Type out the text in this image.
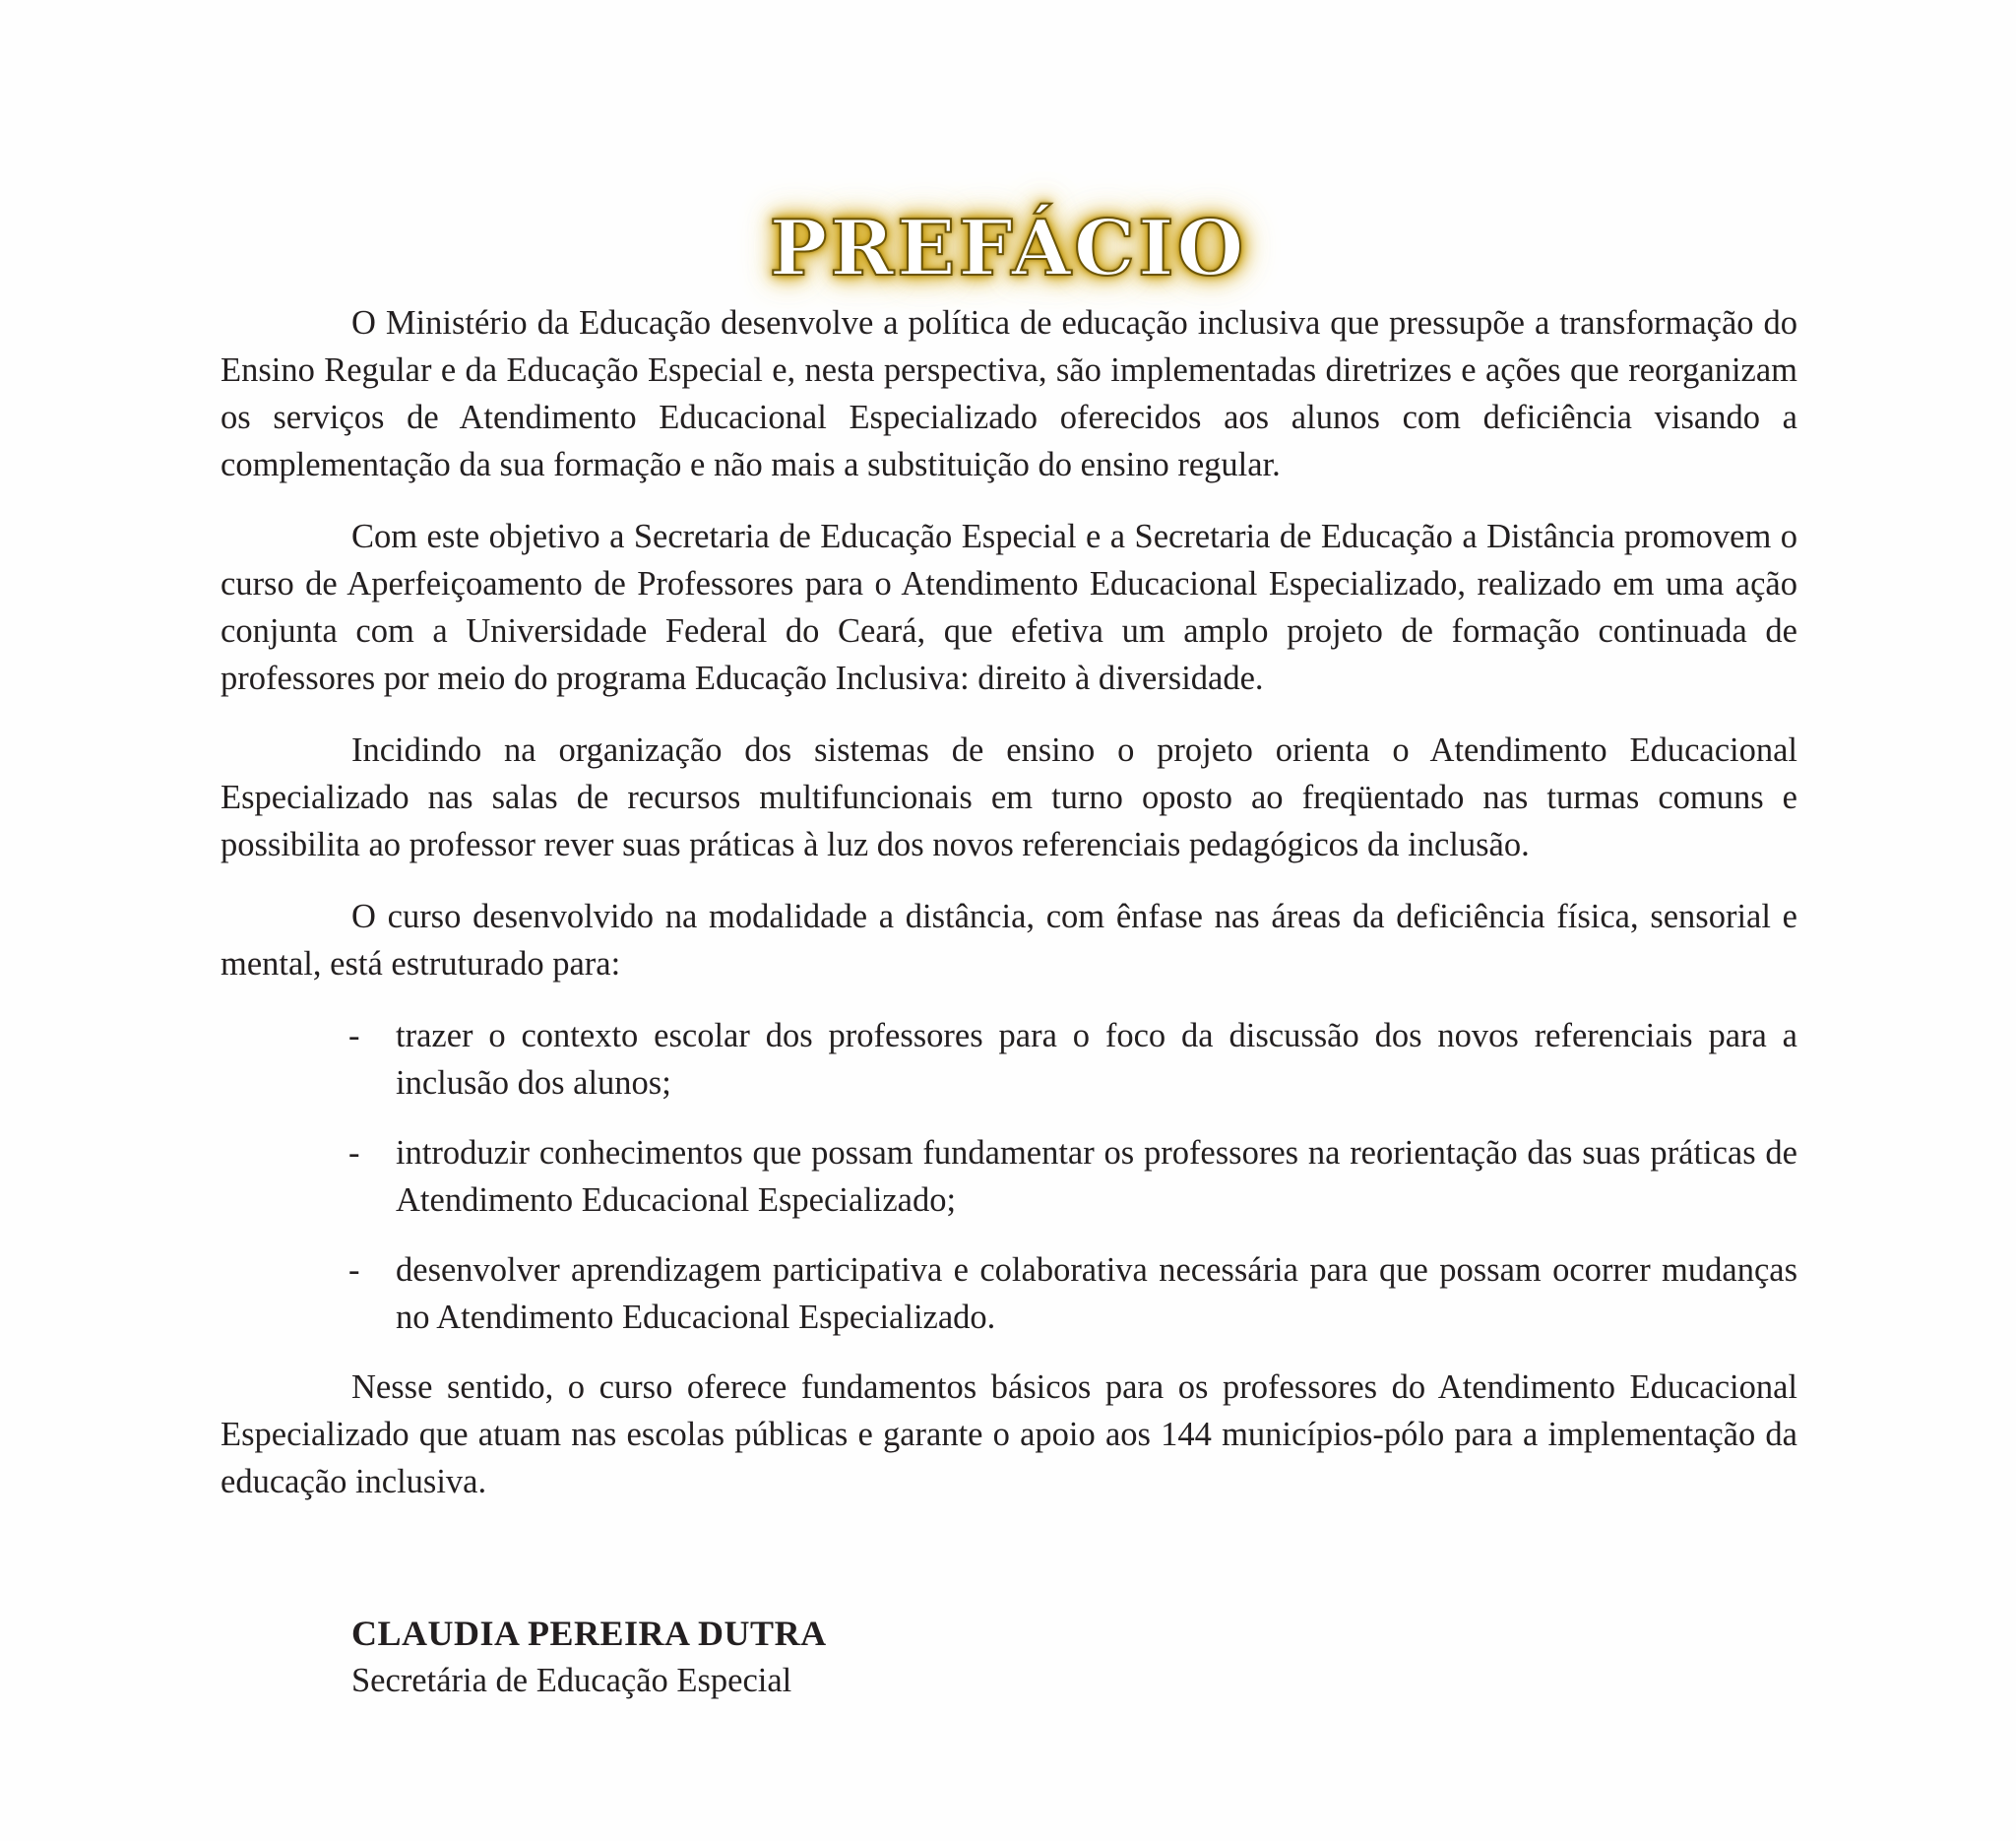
PREFÁCIO

O Ministério da Educação desenvolve a política de educação inclusiva que pressupõe a transformação do Ensino Regular e da Educação Especial e, nesta perspectiva, são implementadas diretrizes e ações que reorganizam os serviços de Atendimento Educacional Especializado oferecidos aos alunos com deficiência visando a complementação da sua formação e não mais a substituição do ensino regular.

Com este objetivo a Secretaria de Educação Especial e a Secretaria de Educação a Distância promovem o curso de Aperfeiçoamento de Professores para o Atendimento Educacional Especializado, realizado em uma ação conjunta com a Universidade Federal do Ceará, que efetiva um amplo projeto de formação continuada de professores por meio do programa Educação Inclusiva: direito à diversidade.

Incidindo na organização dos sistemas de ensino o projeto orienta o Atendimento Educacional Especializado nas salas de recursos multifuncionais em turno oposto ao freqüentado nas turmas comuns e possibilita ao professor rever suas práticas à luz dos novos referenciais pedagógicos da inclusão.

O curso desenvolvido na modalidade a distância, com ênfase nas áreas da deficiência física, sensorial e mental, está estruturado para:

- trazer o contexto escolar dos professores para o foco da discussão dos novos referenciais para a inclusão dos alunos;
- introduzir conhecimentos que possam fundamentar os professores na reorientação das suas práticas de Atendimento Educacional Especializado;
- desenvolver aprendizagem participativa e colaborativa necessária para que possam ocorrer mudanças no Atendimento Educacional Especializado.

Nesse sentido, o curso oferece fundamentos básicos para os professores do Atendimento Educacional Especializado que atuam nas escolas públicas e garante o apoio aos 144 municípios-pólo para a implementação da educação inclusiva.

CLAUDIA PEREIRA DUTRA
Secretária de Educação Especial
